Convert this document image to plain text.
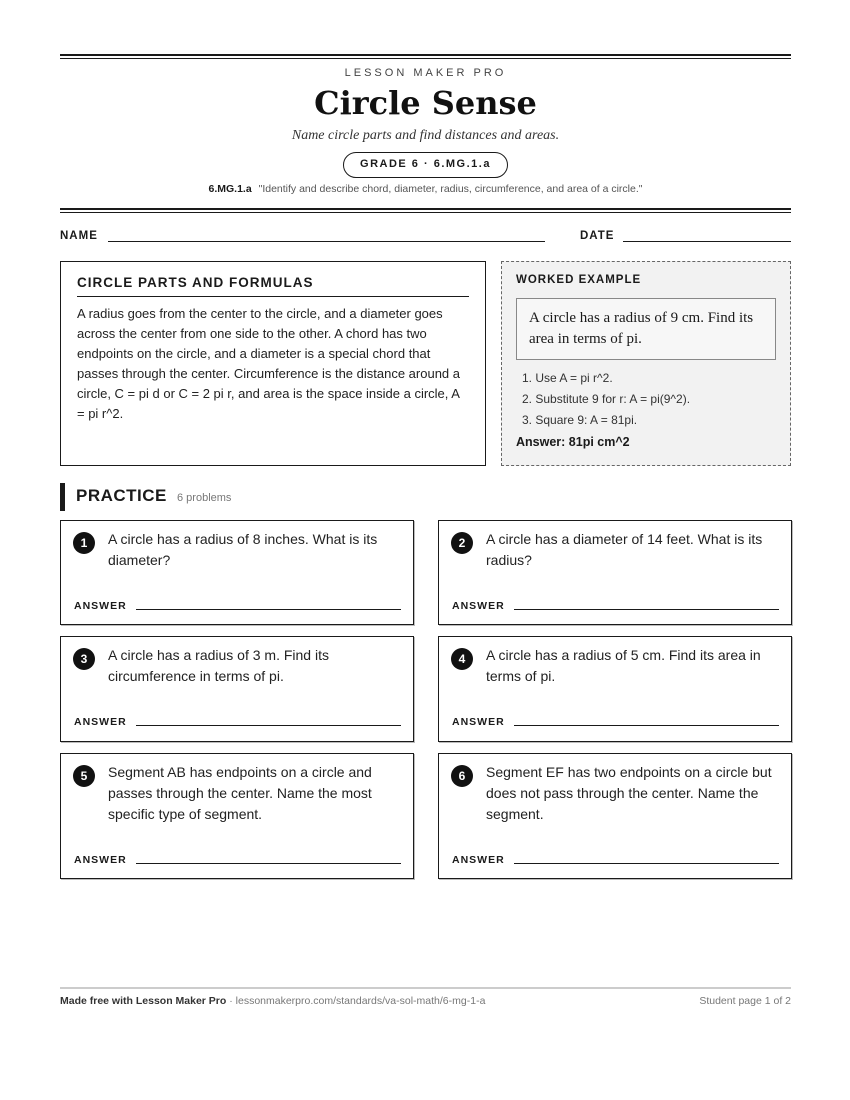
LESSON MAKER PRO
Circle Sense
Name circle parts and find distances and areas.
GRADE 6 · 6.MG.1.a
6.MG.1.a "Identify and describe chord, diameter, radius, circumference, and area of a circle."
NAME	DATE
CIRCLE PARTS AND FORMULAS
A radius goes from the center to the circle, and a diameter goes across the center from one side to the other. A chord has two endpoints on the circle, and a diameter is a special chord that passes through the center. Circumference is the distance around a circle, C = pi d or C = 2 pi r, and area is the space inside a circle, A = pi r^2.
WORKED EXAMPLE
A circle has a radius of 9 cm. Find its area in terms of pi.
1. Use A = pi r^2.
2. Substitute 9 for r: A = pi(9^2).
3. Square 9: A = 81pi.
Answer: 81pi cm^2
PRACTICE 6 problems
1	A circle has a radius of 8 inches. What is its diameter?
ANSWER
2	A circle has a diameter of 14 feet. What is its radius?
ANSWER
3	A circle has a radius of 3 m. Find its circumference in terms of pi.
ANSWER
4	A circle has a radius of 5 cm. Find its area in terms of pi.
ANSWER
5	Segment AB has endpoints on a circle and passes through the center. Name the most specific type of segment.
ANSWER
6	Segment EF has two endpoints on a circle but does not pass through the center. Name the segment.
ANSWER
Made free with Lesson Maker Pro · lessonmakerpro.com/standards/va-sol-math/6-mg-1-a	Student page 1 of 2
